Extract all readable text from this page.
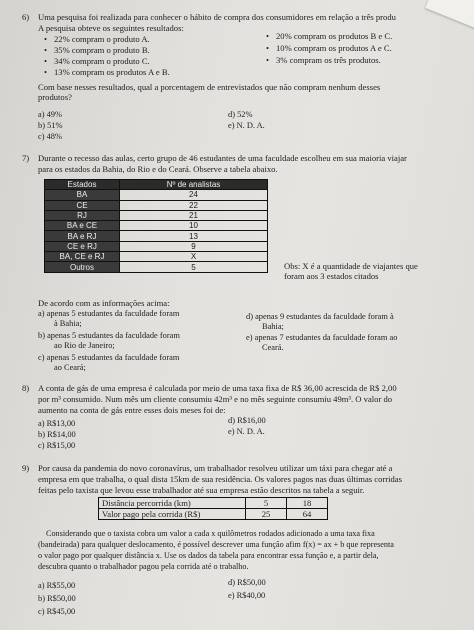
6) Uma pesquisa foi realizada para conhecer o hábito de compra dos consumidores em relação a três produ
A pesquisa obteve os seguintes resultados:
• 22% compram o produto A.
• 35% compram o produto B.
• 34% compram o produto C.
• 13% compram os produtos A e B.
• 20% compram os produtos B e C.
• 10% compram os produtos A e C.
• 3% compram os três produtos.
Com base nesses resultados, qual a porcentagem de entrevistados que não compram nenhum desses
produtos?
a) 49%
b) 51%
c) 48%
d) 52%
e) N. D. A.
7) Durante o recesso das aulas, certo grupo de 46 estudantes de uma faculdade escolheu em sua maioria viajar
para os estados da Bahia, do Rio e do Ceará. Observe a tabela abaixo.
Estados	Nº de analistas
BA	24
CE	22
RJ	21
BA e CE	10
BA e RJ	13
CE e RJ	9
BA, CE e RJ	X
Outros	5	Obs: X é a quantidade de viajantes que
foram aos 3 estados citados
De acordo com as informações acima:
a) apenas 5 estudantes da faculdade foram
à Bahia;
b) apenas 5 estudantes da faculdade foram
ao Rio de Janeiro;
c) apenas 5 estudantes da faculdade foram
ao Ceará;
d) apenas 9 estudantes da faculdade foram à
Bahia;
e) apenas 7 estudantes da faculdade foram ao
Ceará.
8) A conta de gás de uma empresa é calculada por meio de uma taxa fixa de R$ 36,00 acrescida de R$ 2,00
por m³ consumido. Num mês um cliente consumiu 42m³ e no mês seguinte consumiu 49m³. O valor do
aumento na conta de gás entre esses dois meses foi de:
a) R$13,00
b) R$14,00
c) R$15,00
d) R$16,00
e) N. D. A.
9) Por causa da pandemia do novo coronavírus, um trabalhador resolveu utilizar um táxi para chegar até a
empresa em que trabalha, o qual dista 15km de sua residência. Os valores pagos nas duas últimas corridas
feitas pelo taxista que levou esse trabalhador até sua empresa estão descritos na tabela a seguir.
Distância percorrida (km)	5	18
Valor pago pela corrida (R$)	25	64
Considerando que o taxista cobra um valor a cada x quilômetros rodados adicionado a uma taxa fixa
(bandeirada) para qualquer deslocamento, é possível descrever uma função afim f(x) = ax + b que representa
o valor pago por qualquer distância x. Use os dados da tabela para encontrar essa função e, a partir dela,
descubra quanto o trabalhador pagou pela corrida até o trabalho.
a) R$55,00
b) R$50,00
c) R$45,00
d) R$50,00
e) R$40,00
